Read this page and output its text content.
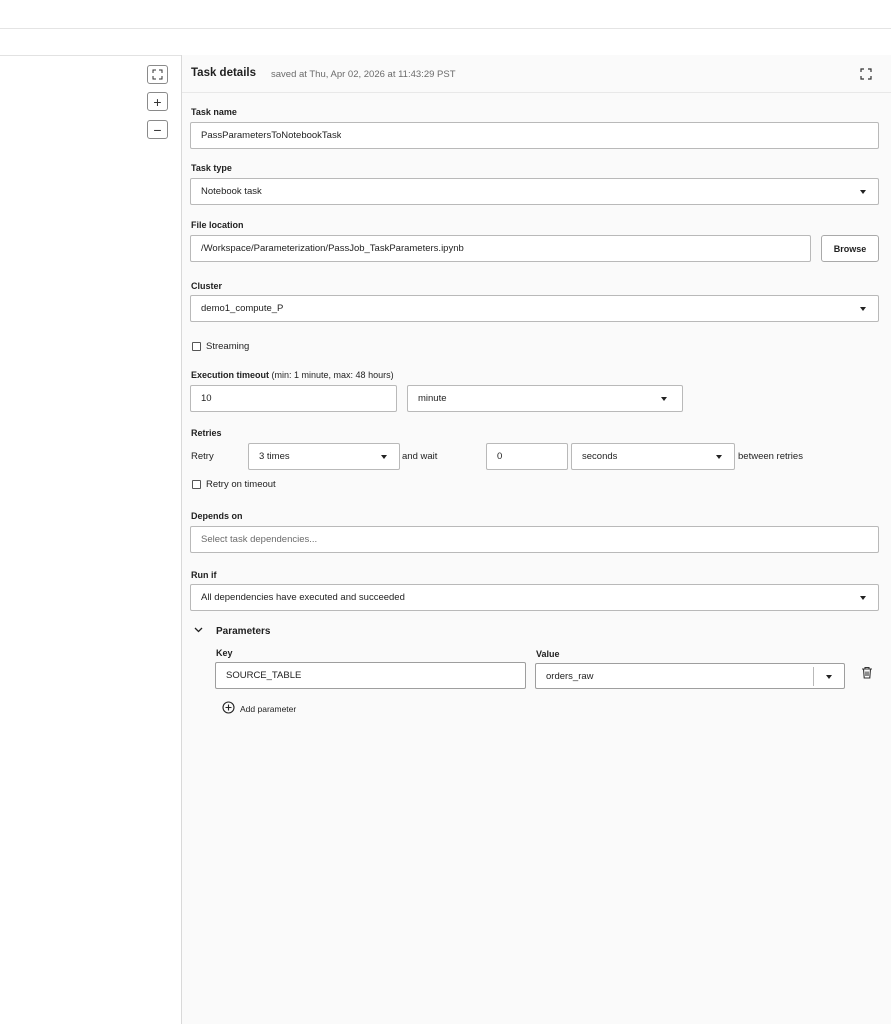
+
−
Task details saved at Thu, Apr 02, 2026 at 11:43:29 PST
Task name
PassParametersToNotebookTask
Task type
Notebook task
File location
/Workspace/Parameterization/PassJob_TaskParameters.ipynb	Browse
Cluster
demo1_compute_P
Streaming
Execution timeout (min: 1 minute, max: 48 hours)
10	minute
Retries
Retry	3 times	and wait	0	seconds	between retries
Retry on timeout
Depends on
Select task dependencies...
Run if
All dependencies have executed and succeeded
Parameters
Key	Value
SOURCE_TABLE	orders_raw
Add parameter
